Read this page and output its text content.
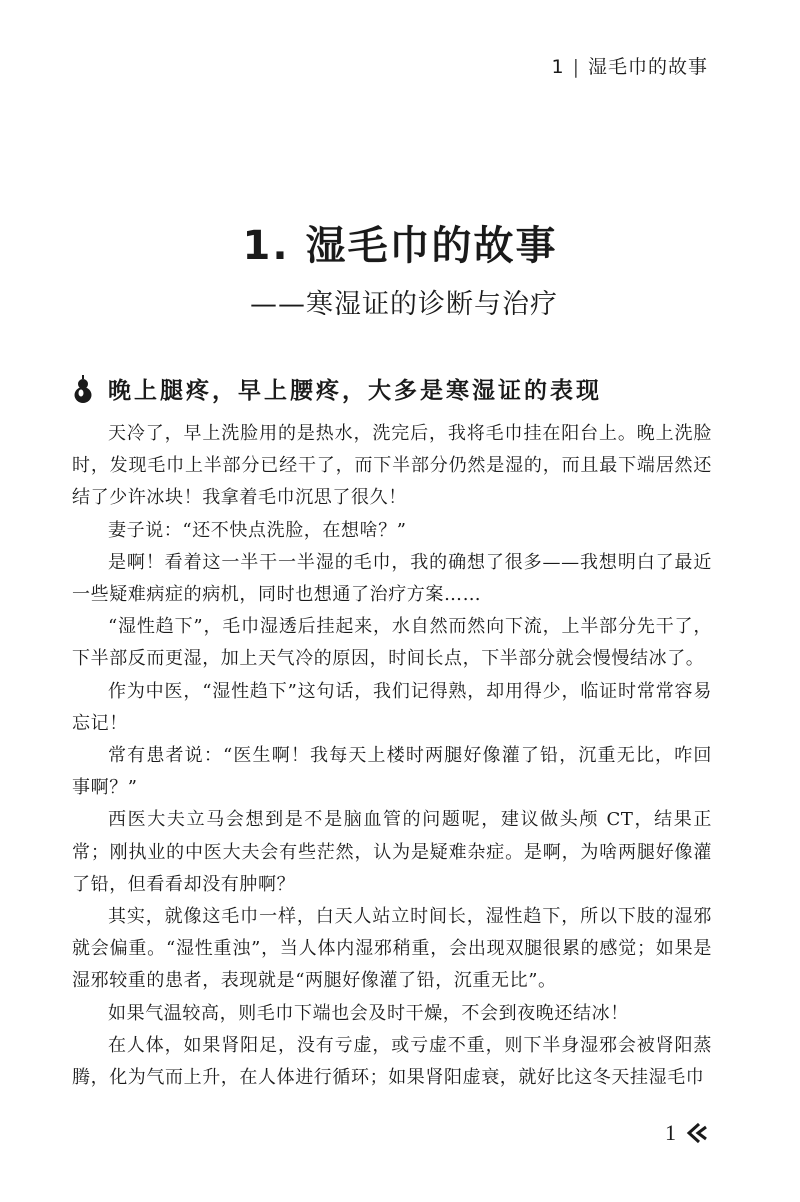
1 | 湿毛巾的故事
1. 湿毛巾的故事
——寒湿证的诊断与治疗
晚上腿疼，早上腰疼，大多是寒湿证的表现

天冷了，早上洗脸用的是热水，洗完后，我将毛巾挂在阳台上。晚上洗脸时，发现毛巾上半部分已经干了，而下半部分仍然是湿的，而且最下端居然还结了少许冰块！我拿着毛巾沉思了很久！

妻子说：“还不快点洗脸，在想啥？”

是啊！看着这一半干一半湿的毛巾，我的确想了很多——我想明白了最近一些疑难病症的病机，同时也想通了治疗方案……

“湿性趋下”，毛巾湿透后挂起来，水自然而然向下流，上半部分先干了，下半部反而更湿，加上天气冷的原因，时间长点，下半部分就会慢慢结冰了。

作为中医，“湿性趋下”这句话，我们记得熟，却用得少，临证时常常容易忘记！

常有患者说：“医生啊！我每天上楼时两腿好像灌了铅，沉重无比，咋回事啊？”

西医大夫立马会想到是不是脑血管的问题呢，建议做头颅 CT，结果正常；刚执业的中医大夫会有些茫然，认为是疑难杂症。是啊，为啥两腿好像灌了铅，但看看却没有肿啊？

其实，就像这毛巾一样，白天人站立时间长，湿性趋下，所以下肢的湿邪就会偏重。“湿性重浊”，当人体内湿邪稍重，会出现双腿很累的感觉；如果是湿邪较重的患者，表现就是“两腿好像灌了铅，沉重无比”。

如果气温较高，则毛巾下端也会及时干燥，不会到夜晚还结冰！

在人体，如果肾阳足，没有亏虚，或亏虚不重，则下半身湿邪会被肾阳蒸腾，化为气而上升，在人体进行循环；如果肾阳虚衰，就好比这冬天挂湿毛巾

1
